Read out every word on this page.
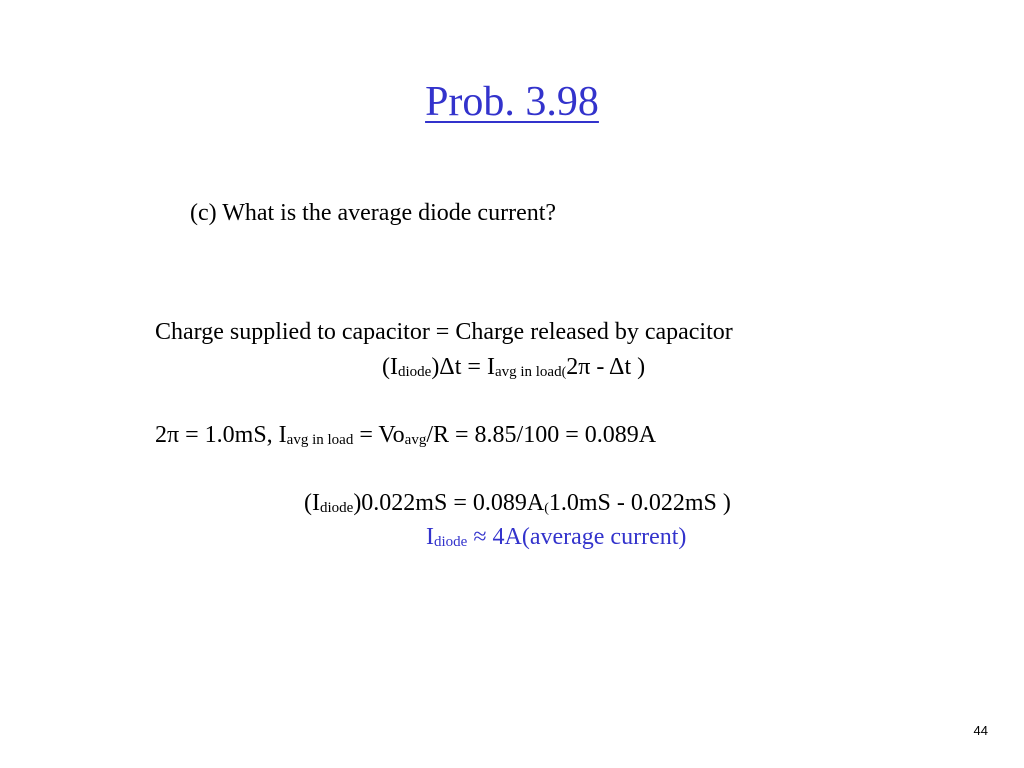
Prob. 3.98
(c) What is the average diode current?
Charge supplied to capacitor = Charge released by capacitor
(Idiode)Δt = Iavg in load(2π - Δt )
2π = 1.0mS, Iavg in load = Voavg/R = 8.85/100 = 0.089A
(Idiode)0.022mS = 0.089A(1.0mS - 0.022mS )
Idiode ≈ 4A(average current)
44
